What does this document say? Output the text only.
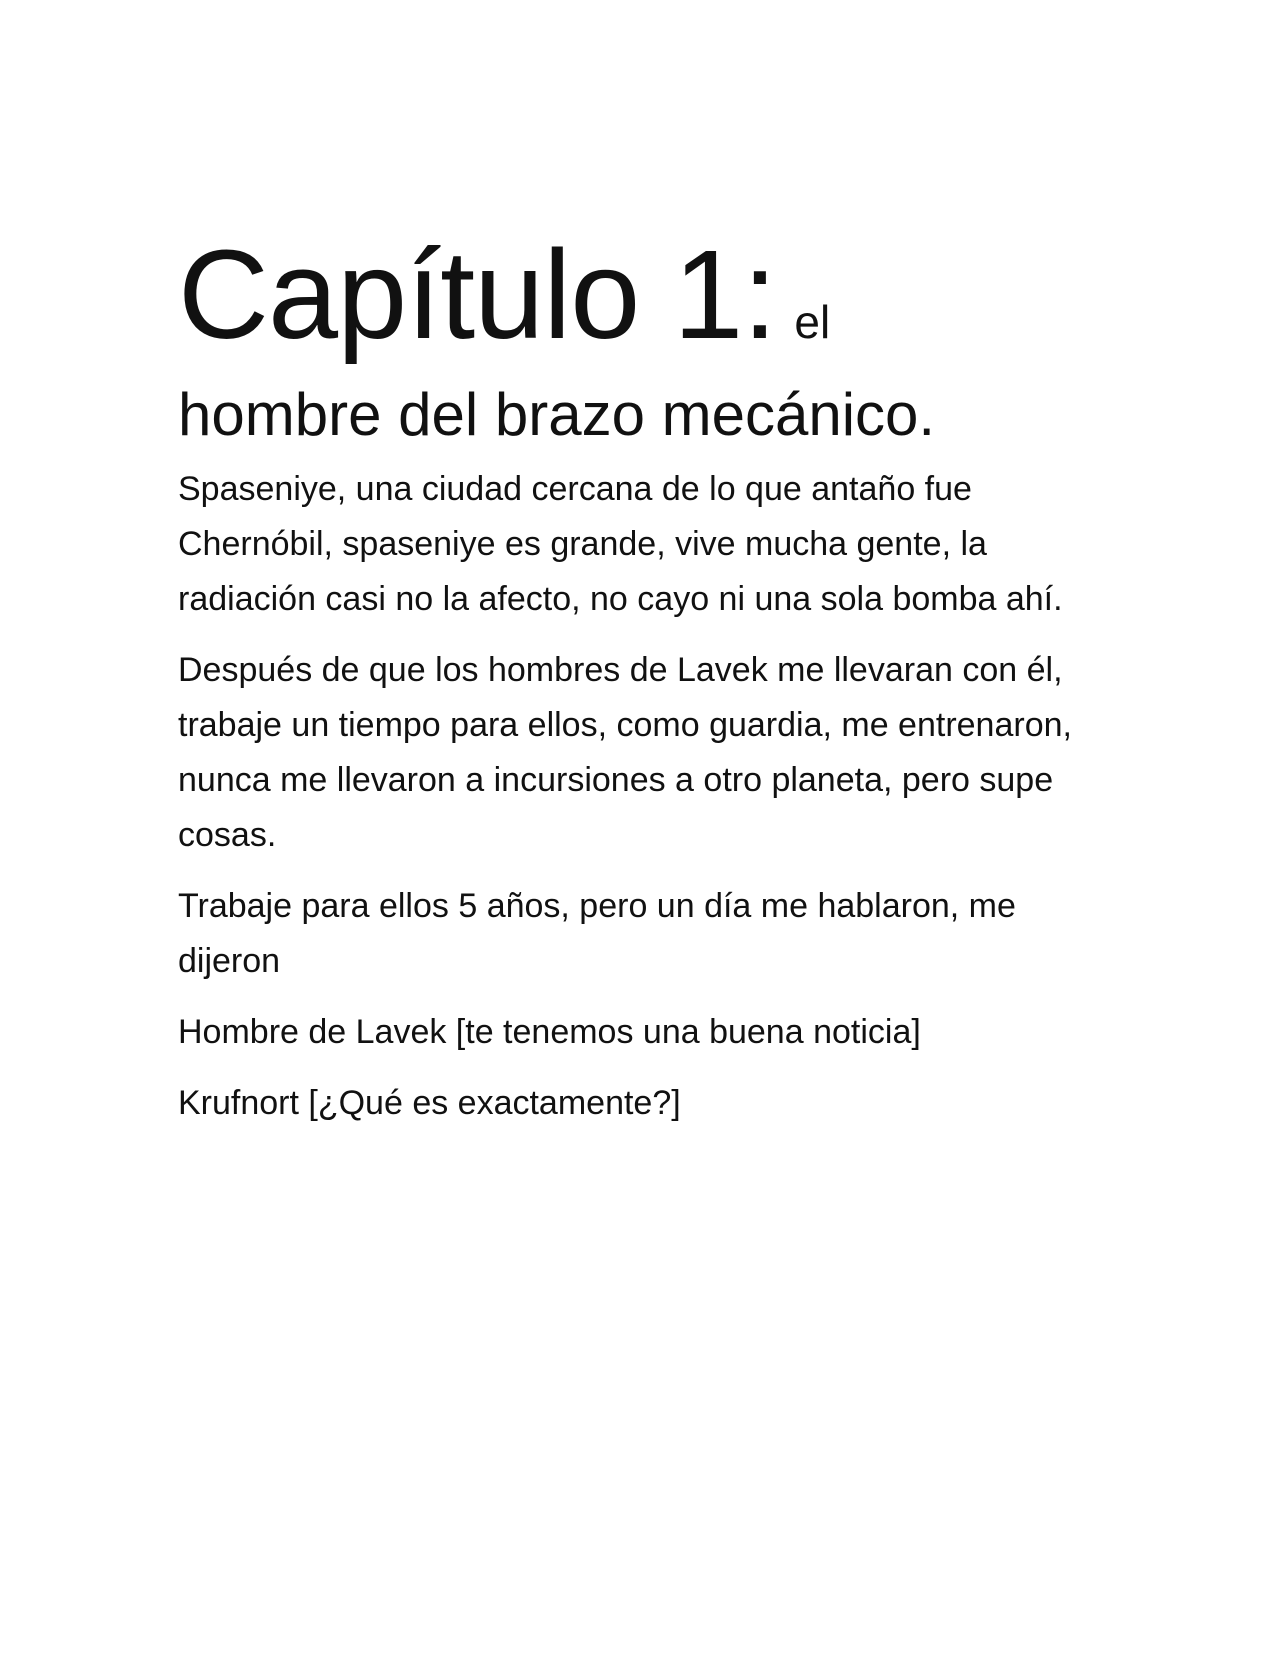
Capítulo 1: el
hombre del brazo mecánico.

Spaseniye, una ciudad cercana de lo que antaño fue Chernóbil, spaseniye es grande, vive mucha gente, la radiación casi no la afecto, no cayo ni una sola bomba ahí.

Después de que los hombres de Lavek me llevaran con él, trabaje un tiempo para ellos, como guardia, me entrenaron, nunca me llevaron a incursiones a otro planeta, pero supe cosas.

Trabaje para ellos 5 años, pero un día me hablaron, me dijeron

Hombre de Lavek [te tenemos una buena noticia]

Krufnort [¿Qué es exactamente?]
